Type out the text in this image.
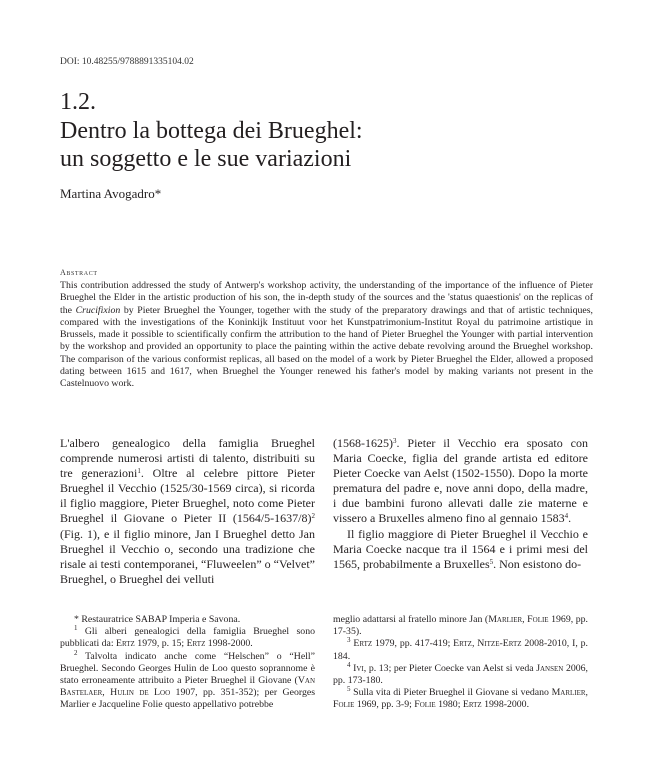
DOI: 10.48255/9788891335104.02
1.2.
Dentro la bottega dei Brueghel:
un soggetto e le sue variazioni
Martina Avogadro*
Abstract
This contribution addressed the study of Antwerp's workshop activity, the understanding of the importance of the influence of Pieter Brueghel the Elder in the artistic production of his son, the in-depth study of the sources and the 'status quaestionis' on the replicas of the Crucifixion by Pieter Brueghel the Younger, together with the study of the preparatory drawings and that of artistic techniques, compared with the investigations of the Koninkijk Instituut voor het Kunstpatrimonium-Institut Royal du patrimoine artistique in Brussels, made it possible to scientifically confirm the attribution to the hand of Pieter Brueghel the Younger with partial intervention by the workshop and provided an opportunity to place the painting within the active debate revolving around the Brueghel workshop. The comparison of the various conformist replicas, all based on the model of a work by Pieter Brueghel the Elder, allowed a proposed dating between 1615 and 1617, when Brueghel the Younger renewed his father's model by making variants not present in the Castelnuovo work.

L'albero genealogico della famiglia Brueghel comprende numerosi artisti di talento, distribuiti su tre generazioni$^1$. Oltre al celebre pittore Pieter Brueghel il Vecchio (1525/30-1569 circa), si ricorda il figlio maggiore, Pieter Brueghel, noto come Pieter Brueghel il Giovane o Pieter II $(1564/5-1637/8)^2$ (Fig. 1), e il figlio minore, Jan I Brueghel detto Jan Brueghel il Vecchio o, secondo una tradizione che risale ai testi contemporanei, “Fluweelen” o “Velvet” Brueghel, o Brueghel dei velluti

(1568-1625)$^3$. Pieter il Vecchio era sposato con Maria Coecke, figlia del grande artista ed editore Pieter Coecke van Aelst (1502-1550). Dopo la morte prematura del padre e, nove anni dopo, della madre, i due bambini furono allevati dalle zie materne e vissero a Bruxelles almeno fino al gennaio 1583$^4$.

Il figlio maggiore di Pieter Brueghel il Vecchio e Maria Coecke nacque tra il 1564 e i primi mesi del 1565, probabilmente a Bruxelles$^5$. Non esistono do-

* Restauratrice SABAP Imperia e Savona.

$^1$ Gli alberi genealogici della famiglia Brueghel sono pubblicati da: Ertz 1979, p. 15; Ertz 1998-2000.

$^2$ Talvolta indicato anche come “Helschen” o “Hell” Brueghel. Secondo Georges Hulin de Loo questo soprannome è stato erroneamente attribuito a Pieter Brueghel il Giovane (Van Bastelaer, Hulin de Loo 1907, pp. 351-352); per Georges Marlier e Jacqueline Folie questo appellativo potrebbe

meglio adattarsi al fratello minore Jan (Marlier, Folie 1969, pp. 17-35).

$^3$ Ertz 1979, pp. 417-419; Ertz, Nitze-Ertz 2008-2010, I, p. 184.

$^4$ Ivi, p. 13; per Pieter Coecke van Aelst si veda Jansen 2006, pp. 173-180.

$^5$ Sulla vita di Pieter Brueghel il Giovane si vedano Marlier, Folie 1969, pp. 3-9; Folie 1980; Ertz 1998-2000.
